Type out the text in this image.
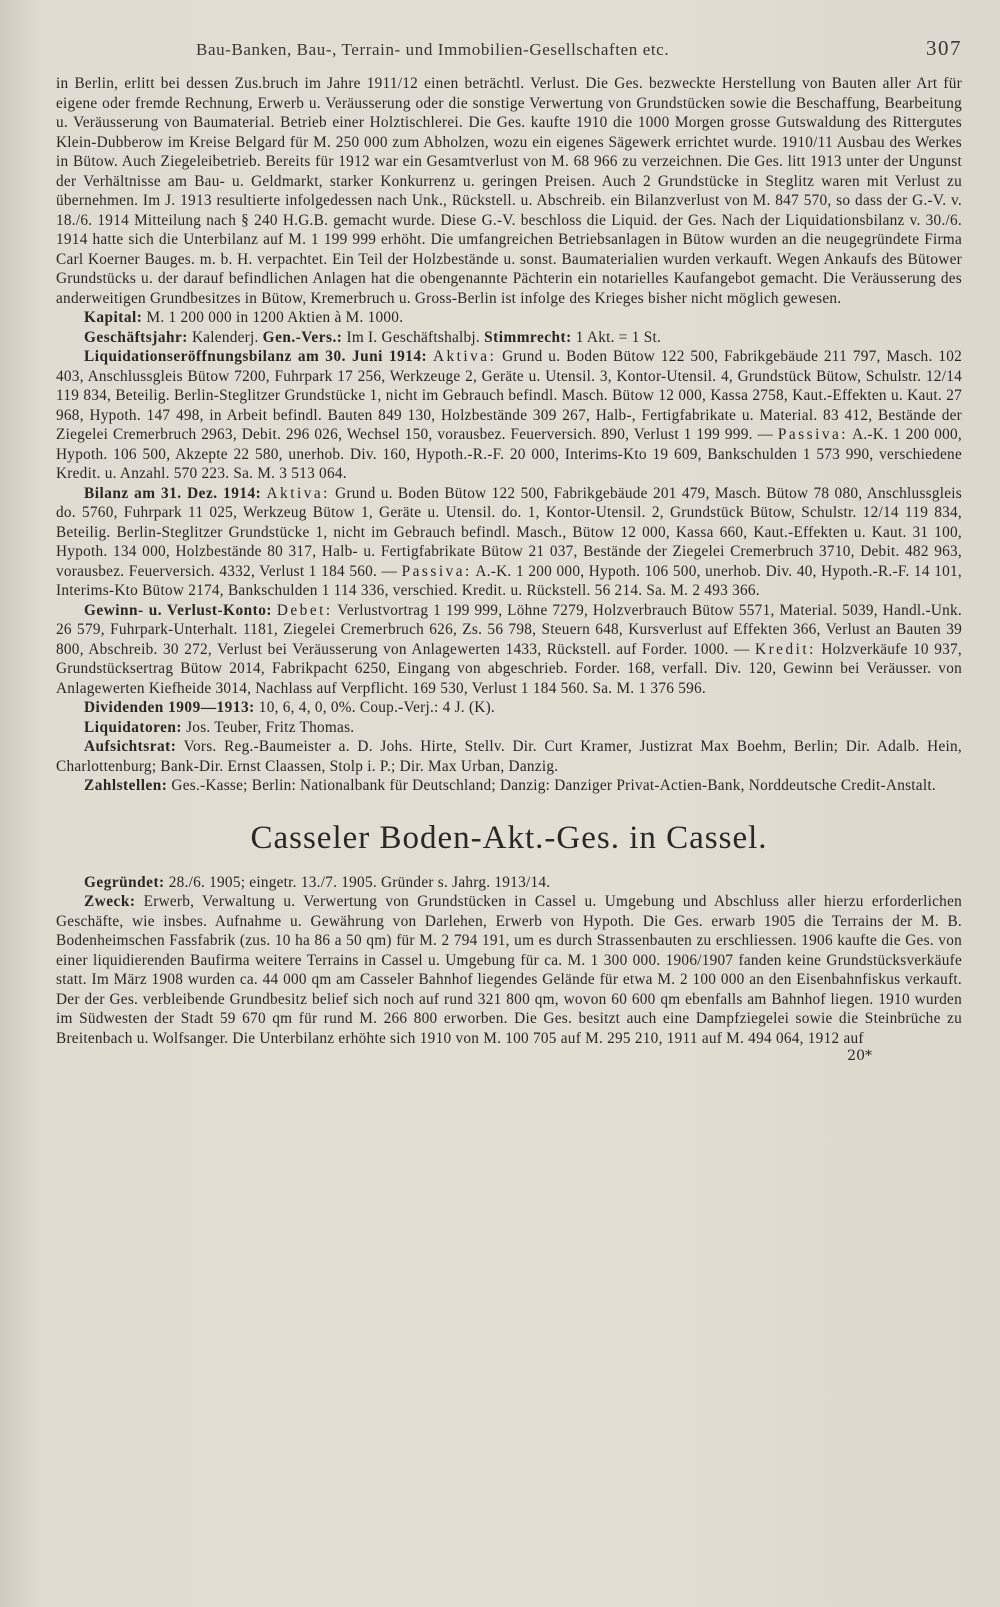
Bau-Banken, Bau-, Terrain- und Immobilien-Gesellschaften etc.	307

in Berlin, erlitt bei dessen Zus.bruch im Jahre 1911/12 einen beträchtl. Verlust. Die Ges. bezweckte Herstellung von Bauten aller Art für eigene oder fremde Rechnung, Erwerb u. Veräusserung oder die sonstige Verwertung von Grundstücken sowie die Beschaffung, Bearbeitung u. Veräusserung von Baumaterial. Betrieb einer Holztischlerei. Die Ges. kaufte 1910 die 1000 Morgen grosse Gutswaldung des Rittergutes Klein-Dubberow im Kreise Belgard für M. 250 000 zum Abholzen, wozu ein eigenes Sägewerk errichtet wurde. 1910/11 Ausbau des Werkes in Bütow. Auch Ziegeleibetrieb. Bereits für 1912 war ein Gesamtverlust von M. 68 966 zu verzeichnen. Die Ges. litt 1913 unter der Ungunst der Verhältnisse am Bau- u. Geldmarkt, starker Konkurrenz u. geringen Preisen. Auch 2 Grundstücke in Steglitz waren mit Verlust zu übernehmen. Im J. 1913 resultierte infolgedessen nach Unk., Rückstell. u. Abschreib. ein Bilanzverlust von M. 847 570, so dass der G.-V. v. 18./6. 1914 Mitteilung nach § 240 H.G.B. gemacht wurde. Diese G.-V. beschloss die Liquid. der Ges. Nach der Liquidationsbilanz v. 30./6. 1914 hatte sich die Unterbilanz auf M. 1 199 999 erhöht. Die umfangreichen Betriebsanlagen in Bütow wurden an die neugegründete Firma Carl Koerner Bauges. m. b. H. verpachtet. Ein Teil der Holzbestände u. sonst. Baumaterialien wurden verkauft. Wegen Ankaufs des Bütower Grundstücks u. der darauf befindlichen Anlagen hat die obengenannte Pächterin ein notarielles Kaufangebot gemacht. Die Veräusserung des anderweitigen Grundbesitzes in Bütow, Kremerbruch u. Gross-Berlin ist infolge des Krieges bisher nicht möglich gewesen.

Kapital: M. 1 200 000 in 1200 Aktien à M. 1000.

Geschäftsjahr: Kalenderj. Gen.-Vers.: Im I. Geschäftshalbj. Stimmrecht: 1 Akt. = 1 St.

Liquidationseröffnungsbilanz am 30. Juni 1914: Aktiva: Grund u. Boden Bütow 122 500, Fabrikgebäude 211 797, Masch. 102 403, Anschlussgleis Bütow 7200, Fuhrpark 17 256, Werkzeuge 2, Geräte u. Utensil. 3, Kontor-Utensil. 4, Grundstück Bütow, Schulstr. 12/14 119 834, Beteilig. Berlin-Steglitzer Grundstücke 1, nicht im Gebrauch befindl. Masch. Bütow 12 000, Kassa 2758, Kaut.-Effekten u. Kaut. 27 968, Hypoth. 147 498, in Arbeit befindl. Bauten 849 130, Holzbestände 309 267, Halb-, Fertigfabrikate u. Material. 83 412, Bestände der Ziegelei Cremerbruch 2963, Debit. 296 026, Wechsel 150, vorausbez. Feuerversich. 890, Verlust 1 199 999. — Passiva: A.-K. 1 200 000, Hypoth. 106 500, Akzepte 22 580, unerhob. Div. 160, Hypoth.-R.-F. 20 000, Interims-Kto 19 609, Bankschulden 1 573 990, verschiedene Kredit. u. Anzahl. 570 223. Sa. M. 3 513 064.

Bilanz am 31. Dez. 1914: Aktiva: Grund u. Boden Bütow 122 500, Fabrikgebäude 201 479, Masch. Bütow 78 080, Anschlussgleis do. 5760, Fuhrpark 11 025, Werkzeug Bütow 1, Geräte u. Utensil. do. 1, Kontor-Utensil. 2, Grundstück Bütow, Schulstr. 12/14 119 834, Beteilig. Berlin-Steglitzer Grundstücke 1, nicht im Gebrauch befindl. Masch., Bütow 12 000, Kassa 660, Kaut.-Effekten u. Kaut. 31 100, Hypoth. 134 000, Holzbestände 80 317, Halb- u. Fertigfabrikate Bütow 21 037, Bestände der Ziegelei Cremerbruch 3710, Debit. 482 963, vorausbez. Feuerversich. 4332, Verlust 1 184 560. — Passiva: A.-K. 1 200 000, Hypoth. 106 500, unerhob. Div. 40, Hypoth.-R.-F. 14 101, Interims-Kto Bütow 2174, Bankschulden 1 114 336, verschied. Kredit. u. Rückstell. 56 214. Sa. M. 2 493 366.

Gewinn- u. Verlust-Konto: Debet: Verlustvortrag 1 199 999, Löhne 7279, Holzverbrauch Bütow 5571, Material. 5039, Handl.-Unk. 26 579, Fuhrpark-Unterhalt. 1181, Ziegelei Cremerbruch 626, Zs. 56 798, Steuern 648, Kursverlust auf Effekten 366, Verlust an Bauten 39 800, Abschreib. 30 272, Verlust bei Veräusserung von Anlagewerten 1433, Rückstell. auf Forder. 1000. — Kredit: Holzverkäufe 10 937, Grundstücksertrag Bütow 2014, Fabrikpacht 6250, Eingang von abgeschrieb. Forder. 168, verfall. Div. 120, Gewinn bei Veräusser. von Anlagewerten Kiefheide 3014, Nachlass auf Verpflicht. 169 530, Verlust 1 184 560. Sa. M. 1 376 596.

Dividenden 1909—1913: 10, 6, 4, 0, 0%. Coup.-Verj.: 4 J. (K).

Liquidatoren: Jos. Teuber, Fritz Thomas.

Aufsichtsrat: Vors. Reg.-Baumeister a. D. Johs. Hirte, Stellv. Dir. Curt Kramer, Justizrat Max Boehm, Berlin; Dir. Adalb. Hein, Charlottenburg; Bank-Dir. Ernst Claassen, Stolp i. P.; Dir. Max Urban, Danzig.

Zahlstellen: Ges.-Kasse; Berlin: Nationalbank für Deutschland; Danzig: Danziger Privat-Actien-Bank, Norddeutsche Credit-Anstalt.

Casseler Boden-Akt.-Ges. in Cassel.

Gegründet: 28./6. 1905; eingetr. 13./7. 1905. Gründer s. Jahrg. 1913/14.

Zweck: Erwerb, Verwaltung u. Verwertung von Grundstücken in Cassel u. Umgebung und Abschluss aller hierzu erforderlichen Geschäfte, wie insbes. Aufnahme u. Gewährung von Darlehen, Erwerb von Hypoth. Die Ges. erwarb 1905 die Terrains der M. B. Bodenheimschen Fassfabrik (zus. 10 ha 86 a 50 qm) für M. 2 794 191, um es durch Strassenbauten zu erschliessen. 1906 kaufte die Ges. von einer liquidierenden Baufirma weitere Terrains in Cassel u. Umgebung für ca. M. 1 300 000. 1906/1907 fanden keine Grundstücksverkäufe statt. Im März 1908 wurden ca. 44 000 qm am Casseler Bahnhof liegendes Gelände für etwa M. 2 100 000 an den Eisenbahnfiskus verkauft. Der der Ges. verbleibende Grundbesitz belief sich noch auf rund 321 800 qm, wovon 60 600 qm ebenfalls am Bahnhof liegen. 1910 wurden im Südwesten der Stadt 59 670 qm für rund M. 266 800 erworben. Die Ges. besitzt auch eine Dampfziegelei sowie die Steinbrüche zu Breitenbach u. Wolfsanger. Die Unterbilanz erhöhte sich 1910 von M. 100 705 auf M. 295 210, 1911 auf M. 494 064, 1912 auf

20*
